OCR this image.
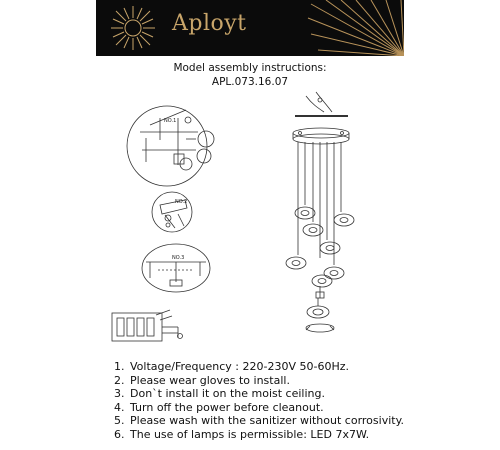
Aployt
Model assembly instructions:
APL.073.16.07
NO.1
NO.2
NO.3
1. Voltage/Frequency : 220-230V 50-60Hz.
2. Please wear gloves to install.
3. Don`t install it on the moist ceiling.
4. Turn off the power before cleanout.
5. Please wash with the sanitizer without corrosivity.
6. The use of lamps is permissible: LED 7x7W.
